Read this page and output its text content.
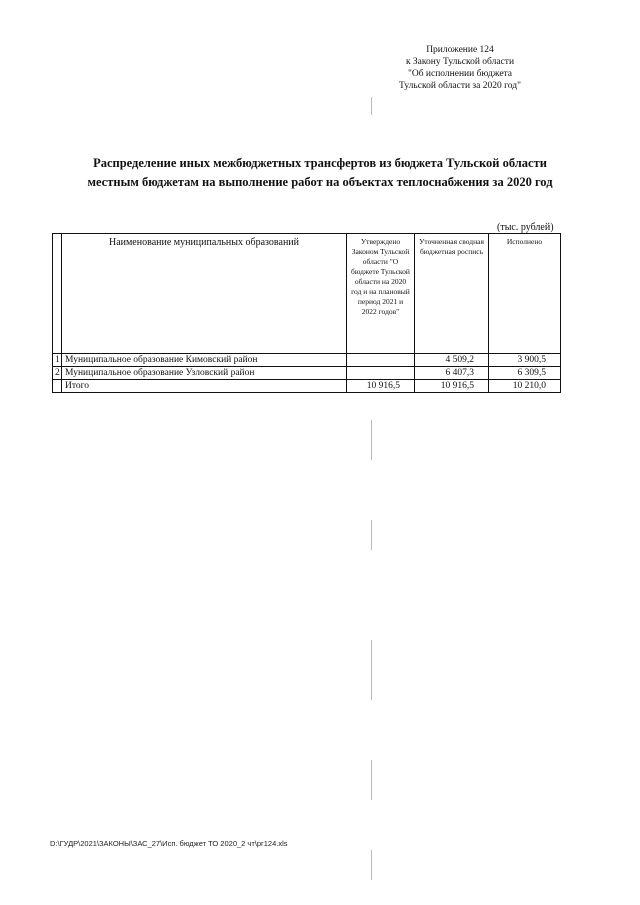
Приложение 124
к Закону Тульской области
"Об исполнении бюджета
Тульской области за 2020 год"
Распределение иных межбюджетных трансфертов из бюджета Тульской области
местным бюджетам на выполнение работ на объектах теплоснабжения за 2020 год
(тыс. рублей)
	Наименование муниципальных образований	Утверждено Законом Тульской области "О бюджете Тульской области на 2020 год и на плановый период 2021 и 2022 годов"	Уточненная сводная бюджетная роспись	Исполнено
1	Муниципальное образование Кимовский район		4 509,2	3 900,5
2	Муниципальное образование Узловский район		6 407,3	6 309,5
	Итого	10 916,5	10 916,5	10 210,0
D:\ГУДР\2021\ЗАКОНЫ\ЗАС_27\Исп. бюджет ТО 2020_2 чт\рг124.xls
